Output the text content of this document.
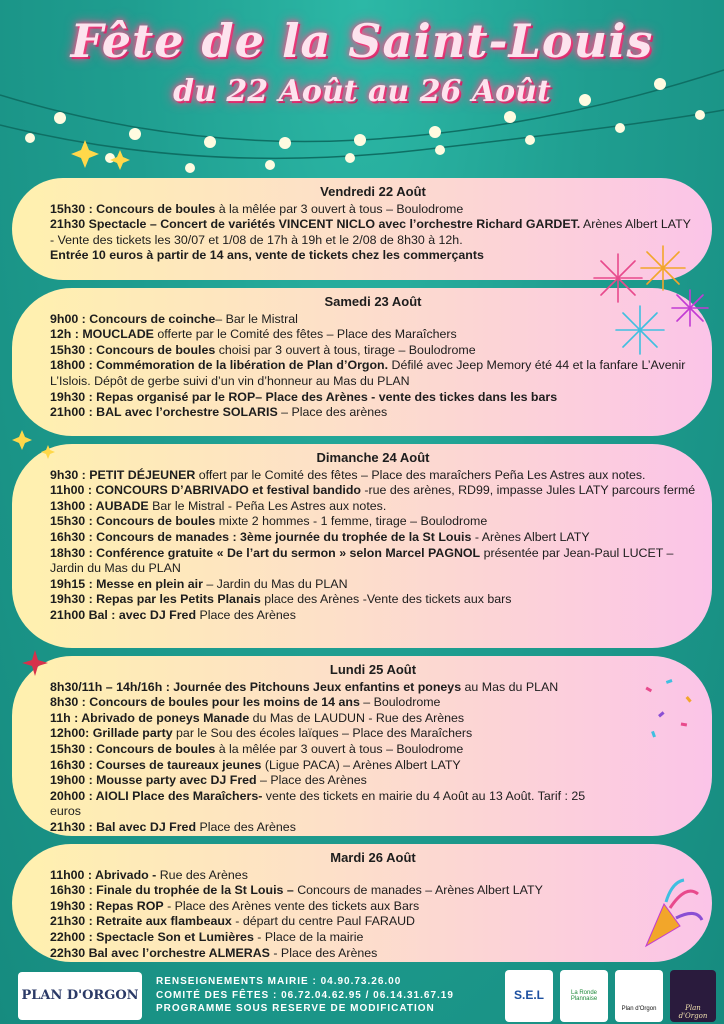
Fête de la Saint-Louis
du 22 Août au 26 Août
Vendredi 22 Août

15h30 : Concours de boules à la mêlée par 3 ouvert à tous – Boulodrome

21h30 Spectacle – Concert de variétés VINCENT NICLO avec l’orchestre Richard GARDET. Arènes Albert LATY - Vente des tickets les 30/07 et 1/08 de 17h à 19h et le 2/08 de 8h30 à 12h.

Entrée 10 euros à partir de 14 ans, vente de tickets chez les commerçants

Samedi 23 Août

9h00 : Concours de coinche– Bar le Mistral

12h : MOUCLADE offerte par le Comité des fêtes – Place des Maraîchers

15h30 : Concours de boules choisi par 3 ouvert à tous, tirage – Boulodrome

18h00 : Commémoration de la libération de Plan d’Orgon. Défilé avec Jeep Memory été 44 et la fanfare L’Avenir L’Islois. Dépôt de gerbe suivi d’un vin d’honneur au Mas du PLAN

19h30 : Repas organisé par le ROP– Place des Arènes - vente des tickes dans les bars

21h00 : BAL avec l’orchestre SOLARIS – Place des arènes

Dimanche 24 Août

9h30 : PETIT DÉJEUNER offert par le Comité des fêtes – Place des maraîchers Peña Les Astres aux notes.

11h00 : CONCOURS D’ABRIVADO et festival bandido -rue des arènes, RD99, impasse Jules LATY parcours fermé

13h00 : AUBADE Bar le Mistral - Peña Les Astres aux notes.

15h30 : Concours de boules mixte 2 hommes - 1 femme, tirage – Boulodrome

16h30 : Concours de manades : 3ème journée du trophée de la St Louis - Arènes Albert LATY

18h30 : Conférence gratuite « De l’art du sermon » selon Marcel PAGNOL présentée par Jean-Paul LUCET – Jardin du Mas du PLAN

19h15 : Messe en plein air – Jardin du Mas du PLAN

19h30 : Repas par les Petits Planais place des Arènes -Vente des tickets aux bars

21h00 Bal : avec DJ Fred Place des Arènes

Lundi 25 Août

8h30/11h – 14h/16h : Journée des Pitchouns Jeux enfantins et poneys au Mas du PLAN

8h30 : Concours de boules pour les moins de 14 ans – Boulodrome

11h : Abrivado de poneys Manade du Mas de LAUDUN - Rue des Arènes

12h00: Grillade party par le Sou des écoles laïques – Place des Maraîchers

15h30 : Concours de boules à la mêlée par 3 ouvert à tous – Boulodrome

16h30 : Courses de taureaux jeunes (Ligue PACA) – Arènes Albert LATY

19h00 : Mousse party avec DJ Fred – Place des Arènes

20h00 : AIOLI Place des Maraîchers- vente des tickets en mairie du 4 Août au 13 Août. Tarif : 25 euros

21h30 : Bal avec DJ Fred Place des Arènes

Mardi 26 Août

11h00 : Abrivado - Rue des Arènes

16h30 : Finale du trophée de la St Louis – Concours de manades – Arènes Albert LATY

19h30 : Repas ROP - Place des Arènes vente des tickets aux Bars

21h30 : Retraite aux flambeaux - départ du centre Paul FARAUD

22h00 : Spectacle Son et Lumières - Place de la mairie

22h30 Bal avec l’orchestre ALMERAS - Place des Arènes

PLAN D'ORGON	S.E.L	La Ronde Plannaise
Plan d'Orgon	Plan d'Orgon
RENSEIGNEMENTS MAIRIE : 04.90.73.26.00
COMITÉ DES FÊTES : 06.72.04.62.95 / 06.14.31.67.19
PROGRAMME SOUS RESERVE DE MODIFICATION
